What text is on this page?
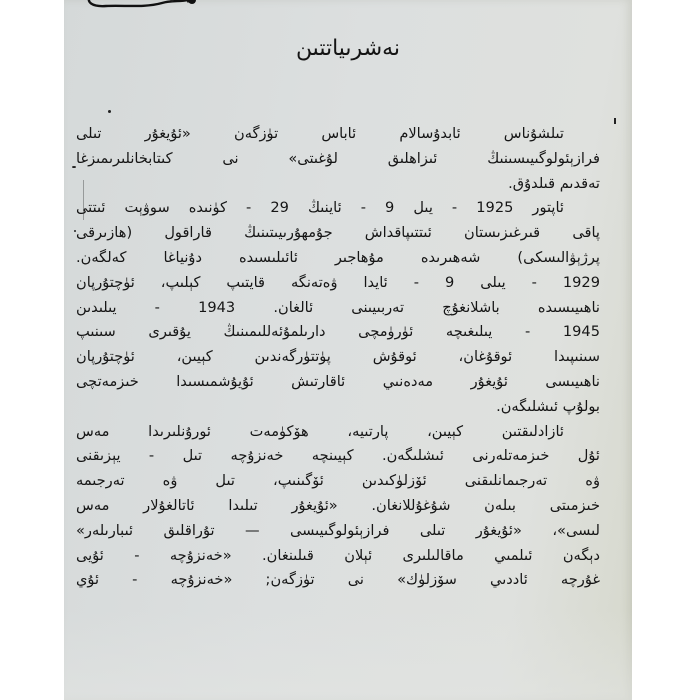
نەشرىياتتىن
تىلشۇناس ئابدۇسالام ئاباس تۈزگەن «ئۇيغۇر تىلى
فرازېئولوگىيىسىنىڭ ئىزاھلىق لۇغىتى» نى كىتابخانلىرىمىزغا
تەقدىم قىلدۇق.
ئاپتور 1925 - يىل 9 - ئاينىڭ 29 - كۈنىدە سوۋېت ئىتتى
پاقى قىرغىزىستان ئىتتىپاقداش جۇمھۇرىيىتىنىڭ قاراقول (ھازىرقى
پرژېۋالىسكى) شەھىرىدە مۇھاجىر ئائىلىسىدە دۇنياغا كەلگەن.
1929 - يىلى 9 - ئايدا ۋەتەنگە قايتىپ كېلىپ، ئۈچتۇرپان
ناھىيىسىدە باشلانغۇچ تەربىيىنى ئالغان. 1943 - يىلىدىن
1945 - يىلىغىچە ئۈرۈمچى دارىلمۇئەللىمىنىڭ يۇقىرى سىنىپ
سىنىپىدا ئوقۇغان، ئوقۇش پۈتتۈرگەندىن كېيىن، ئۈچتۇرپان
ناھىيىسى ئۇيغۇر مەدەنىي ئاقارتىش ئۇيۇشمىسىدا خىزمەتچى
بولۇپ ئىشلىگەن.
ئازادلىقتىن كېيىن، پارتىيە، ھۆكۈمەت ئورۇنلىرىدا مەس
ئۇل خىزمەتلەرنى ئىشلىگەن. كېيىنچە خەنزۇچە تىل - يېزىقنى
ۋە تەرجىمانلىقنى ئۆزلۈكىدىن ئۆگىنىپ، تىل ۋە تەرجىمە
خىزمىتى بىلەن شۇغۇللانغان. «ئۇيغۇر تىلىدا ئاتالغۇلار مەس
لىسى»، «ئۇيغۇر تىلى فرازېئولوگىيىسى — تۇراقلىق ئىبارىلەر»
دېگەن ئىلمىي ماقالىلىرى ئېلان قىلىنغان. «خەنزۇچە - ئۇيى
غۇرچە ئاددىي سۆزلۈك» نى تۈزگەن; «خەنزۇچە - ئۇي
